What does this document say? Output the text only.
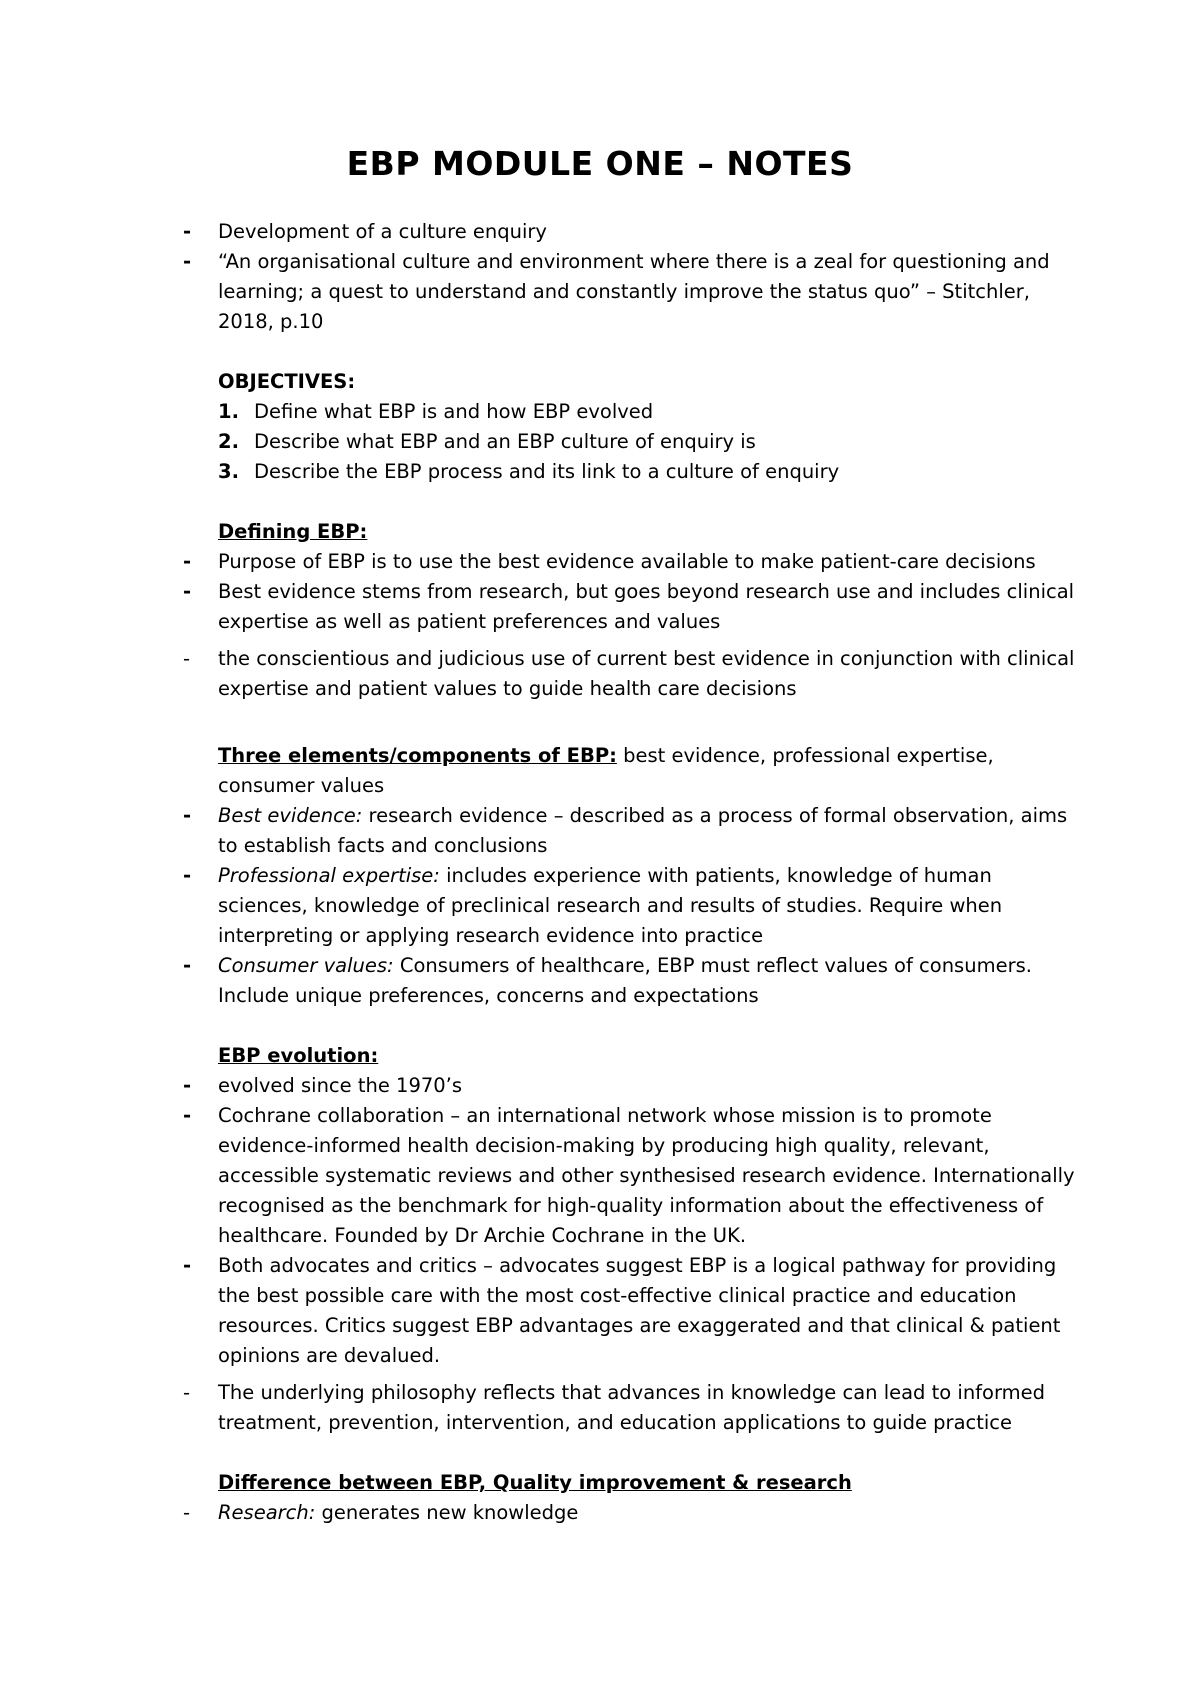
EBP MODULE ONE – NOTES
-	Development of a culture enquiry
-	“An organisational culture and environment where there is a zeal for questioning and learning; a quest to understand and constantly improve the status quo” – Stitchler, 2018, p.10
OBJECTIVES:
1. Define what EBP is and how EBP evolved
2. Describe what EBP and an EBP culture of enquiry is
3. Describe the EBP process and its link to a culture of enquiry
Defining EBP:
-	Purpose of EBP is to use the best evidence available to make patient-care decisions
-	Best evidence stems from research, but goes beyond research use and includes clinical expertise as well as patient preferences and values
-	the conscientious and judicious use of current best evidence in conjunction with clinical expertise and patient values to guide health care decisions
Three elements/components of EBP: best evidence, professional expertise, consumer values
-	Best evidence: research evidence – described as a process of formal observation, aims to establish facts and conclusions
-	Professional expertise: includes experience with patients, knowledge of human sciences, knowledge of preclinical research and results of studies. Require when interpreting or applying research evidence into practice
-	Consumer values: Consumers of healthcare, EBP must reflect values of consumers. Include unique preferences, concerns and expectations
EBP evolution:
-	evolved since the 1970’s
-	Cochrane collaboration – an international network whose mission is to promote evidence-informed health decision-making by producing high quality, relevant, accessible systematic reviews and other synthesised research evidence. Internationally recognised as the benchmark for high-quality information about the effectiveness of healthcare. Founded by Dr Archie Cochrane in the UK.
-	Both advocates and critics – advocates suggest EBP is a logical pathway for providing the best possible care with the most cost-effective clinical practice and education resources. Critics suggest EBP advantages are exaggerated and that clinical & patient opinions are devalued.
-	The underlying philosophy reflects that advances in knowledge can lead to informed treatment, prevention, intervention, and education applications to guide practice
Difference between EBP, Quality improvement & research
-	Research: generates new knowledge
